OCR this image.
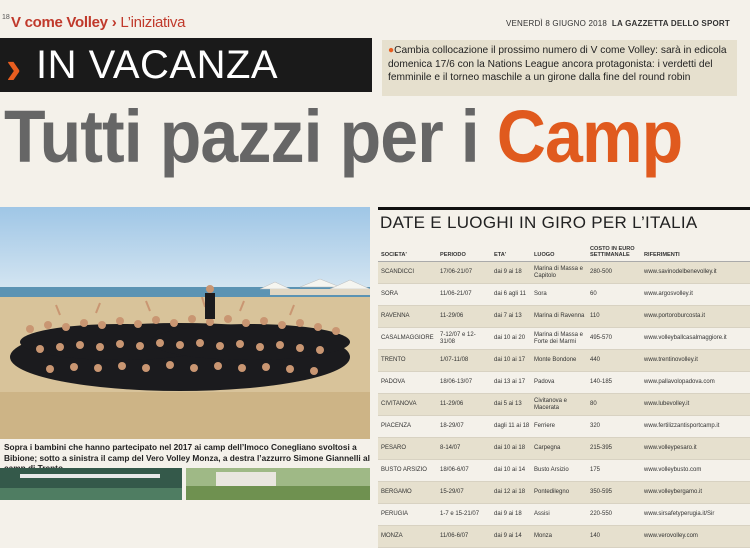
18 V come Volley › L’iniziativa	VENERDÌ 8 GIUGNO 2018 LA GAZZETTA DELLO SPORT
› IN VACANZA	●Cambia collocazione il prossimo numero di V come Volley: sarà in edicola domenica 17/6 con la Nations League ancora protagonista: i verdetti del femminile e il torneo maschile a un girone dalla fine del round robin
Tutti pazzi per i Camp
Sopra i bambini che hanno partecipato nel 2017 ai camp dell’Imoco Conegliano svoltosi a Bibione; sotto a sinistra il camp del Vero Volley Monza, a destra l’azzurro Simone Giannelli al
DATE E LUOGHI IN GIRO PER L’ITALIA
SOCIETA'	PERIODO	ETA'	LUOGO	COSTO IN EURO SETTIMANALE	RIFERIMENTI
SCANDICCI	17/06-21/07	dai 9 ai 18	Marina di Massa e Capitolo	280-500	www.savinodelbenevolley.it
SORA	11/06-21/07	dai 6 agli 11	Sora	60	www.argosvolley.it
RAVENNA	11-29/06	dai 7 ai 13	Marina di Ravenna	110	www.portoroburcosta.it
CASALMAGGIORE	7-12/07 e 12-31/08	dai 10 ai 20	Marina di Massa e Forte dei Marmi	495-570	www.volleyballcasalmaggiore.it
TRENTO	1/07-11/08	dai 10 ai 17	Monte Bondone	440	www.trentinovolley.it
PADOVA	18/06-13/07	dai 13 ai 17	Padova	140-185	www.pallavolopadova.com
CIVITANOVA	11-29/06	dai 5 ai 13	Civitanova e Macerata	80	www.lubevolley.it
PIACENZA	18-29/07	dagli 11 ai 18	Ferriere	320	www.fertilizzantisportcamp.it
PESARO	8-14/07	dai 10 ai 18	Carpegna	215-395	www.volleypesaro.it
BUSTO ARSIZIO	18/06-6/07	dai 10 ai 14	Busto Arsizio	175	www.volleybusto.com
BERGAMO	15-29/07	dai 12 ai 18	Pontedilegno	350-595	www.volleybergamo.it
PERUGIA	1-7 e 15-21/07	dai 9 ai 18	Assisi	220-550	www.sirsafetyperugia.it/Sir
MONZA	11/06-6/07	dai 9 ai 14	Monza	140	www.verovolley.com
